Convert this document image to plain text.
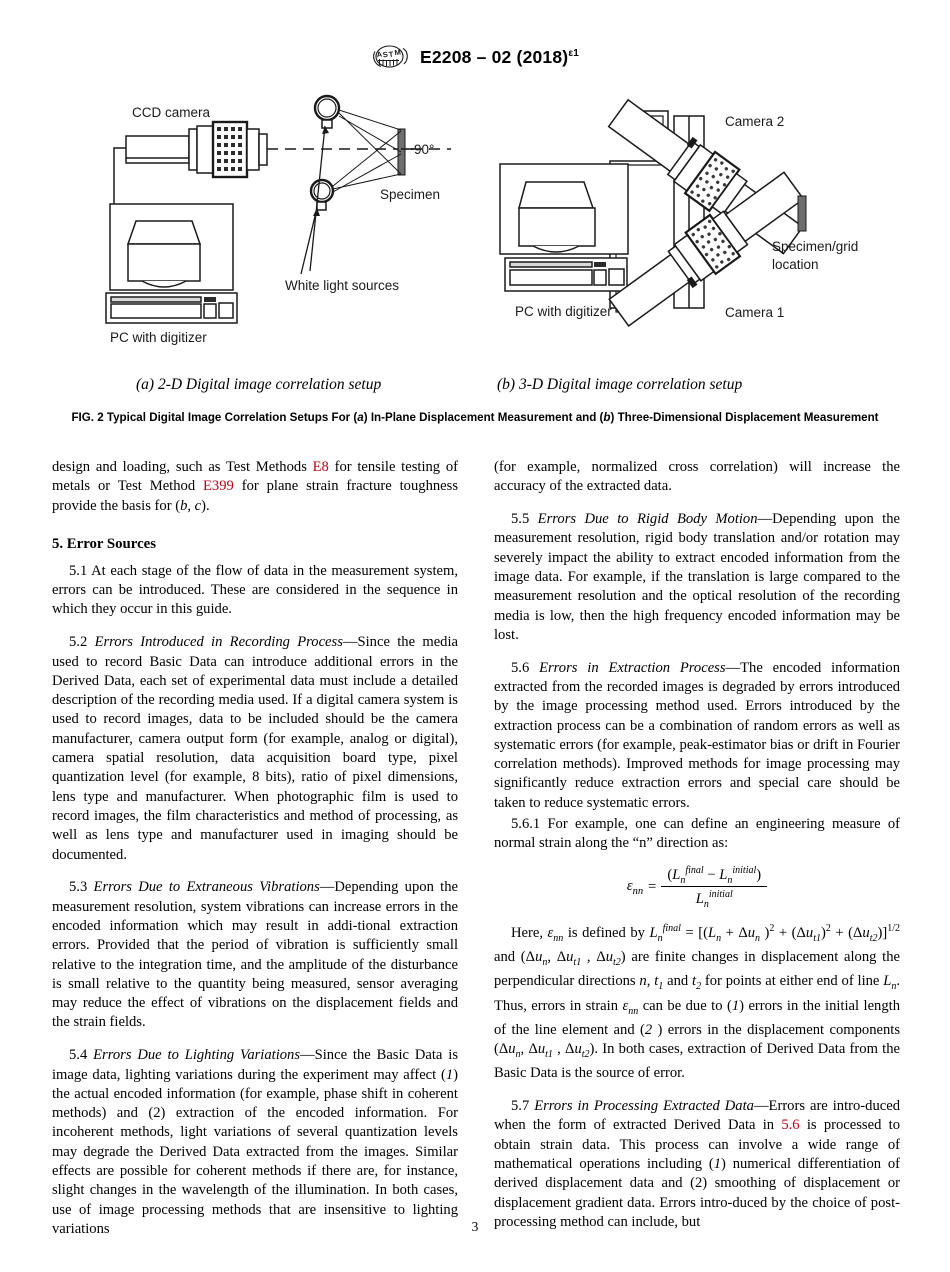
A S T M E2208 – 02 $(2018)^{\varepsilon 1}$
CCD camera
90°
Specimen
White light sources
PC with digitizer
Camera 2
Camera 1
Specimen/grid
location
PC with digitizer
(a) 2-D Digital image correlation setup	(b) 3-D Digital image correlation setup
FIG. 2 Typical Digital Image Correlation Setups For (a) In-Plane Displacement Measurement and (b) Three-Dimensional Displacement Measurement

design and loading, such as Test Methods E8 for tensile testing of metals or Test Method E399 for plane strain fracture toughness provide the basis for (b, c).

5. Error Sources

5.1 At each stage of the flow of data in the measurement system, errors can be introduced. These are considered in the sequence in which they occur in this guide.

5.2 Errors Introduced in Recording Process—Since the media used to record Basic Data can introduce additional errors in the Derived Data, each set of experimental data must include a detailed description of the recording media used. If a digital camera system is used to record images, data to be included should be the camera manufacturer, camera output form (for example, analog or digital), camera spatial resolution, data acquisition board type, pixel quantization level (for example, 8 bits), ratio of pixel dimensions, lens type and manufacturer. When photographic film is used to record images, the film characteristics and method of processing, as well as lens type and manufacturer used in imaging should be documented.

5.3 Errors Due to Extraneous Vibrations—Depending upon the measurement resolution, system vibrations can increase errors in the encoded information which may result in addi-tional extraction errors. Provided that the period of vibration is sufficiently small relative to the integration time, and the amplitude of the disturbance is small relative to the quantity being measured, sensor averaging may reduce the effect of vibrations on the displacement fields and the strain fields.

5.4 Errors Due to Lighting Variations—Since the Basic Data is image data, lighting variations during the experiment may affect (1) the actual encoded information (for example, phase shift in coherent methods) and (2) extraction of the encoded information. For incoherent methods, light variations of several quantization levels may degrade the Derived Data extracted from the images. Similar effects are possible for coherent methods if there are, for instance, slight changes in the wavelength of the illumination. In both cases, use of image processing methods that are insensitive to lighting variations

(for example, normalized cross correlation) will increase the accuracy of the extracted data.

5.5 Errors Due to Rigid Body Motion—Depending upon the measurement resolution, rigid body translation and/or rotation may severely impact the ability to extract encoded information from the image data. For example, if the translation is large compared to the measurement resolution and the optical resolution of the recording media is low, then the high frequency encoded information may be lost.

5.6 Errors in Extraction Process—The encoded information extracted from the recorded images is degraded by errors introduced by the image processing method used. Errors introduced by the extraction process can be a combination of random errors as well as systematic errors (for example, peak-estimator bias or drift in Fourier correlation methods). Improved methods for image processing may significantly reduce extraction errors and special care should be taken to reduce systematic errors.

5.6.1 For example, one can define an engineering measure of normal strain along the “n” direction as:

$\varepsilon_{nn} = \frac{(L_n^{final} - L_n^{initial})}{L_n^{initial}}$

Here, $\varepsilon_{nn}$ is defined by $L_n^{final} = [(L_n + \Delta u_n$ )$^2 + (\Delta u_{t1})^2 + (\Delta u_{t2})]^{1/2}$ and ($\Delta u_n$, $\Delta u_{t1}$ , $\Delta u_{t2}$) are finite changes in displace⁠ment along the perpendicular directions n, $t_1$ and $t_2$ for points at either end of line $L_n$. Thus, errors in strain $\varepsilon_{nn}$ can be due to (1) errors in the initial length of the line element and (2 ) errors in the displacement components ($\Delta u_n$, $\Delta u_{t1}$ , $\Delta u_{t2}$). In both cases, extraction of Derived Data from the Basic Data is the source of error.

5.7 Errors in Processing Extracted Data—Errors are intro-duced when the form of extracted Derived Data in 5.6 is processed to obtain strain data. This process can involve a wide range of mathematical operations including (1) numerical differentiation of derived displacement data and (2) smoothing of displacement or displacement gradient data. Errors intro-duced by the choice of post-processing method can include, but

3
